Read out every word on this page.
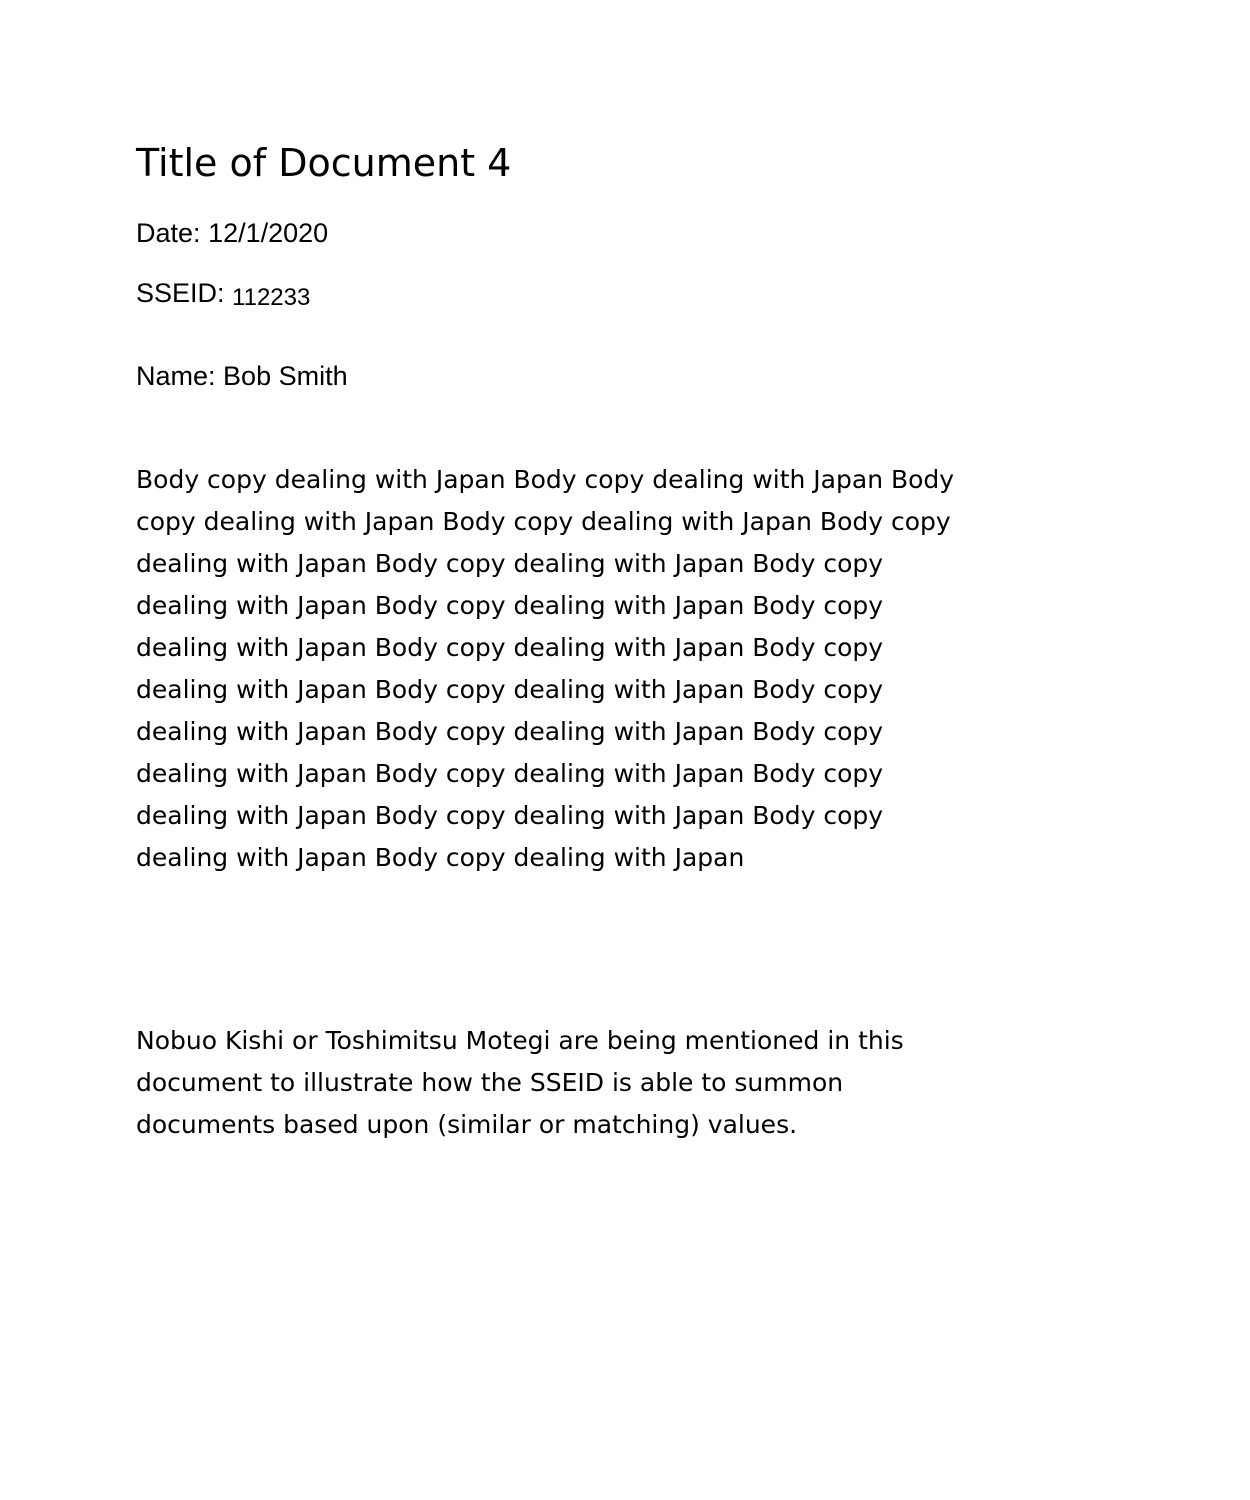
Title of Document 4

Date: 12/1/2020

SSEID: 112233

Name: Bob Smith

Body copy dealing with Japan Body copy dealing with Japan Body
copy dealing with Japan Body copy dealing with Japan Body copy
dealing with Japan Body copy dealing with Japan Body copy
dealing with Japan Body copy dealing with Japan Body copy
dealing with Japan Body copy dealing with Japan Body copy
dealing with Japan Body copy dealing with Japan Body copy
dealing with Japan Body copy dealing with Japan Body copy
dealing with Japan Body copy dealing with Japan Body copy
dealing with Japan Body copy dealing with Japan Body copy
dealing with Japan Body copy dealing with Japan

Nobuo Kishi or Toshimitsu Motegi are being mentioned in this
document to illustrate how the SSEID is able to summon
documents based upon (similar or matching) values.
